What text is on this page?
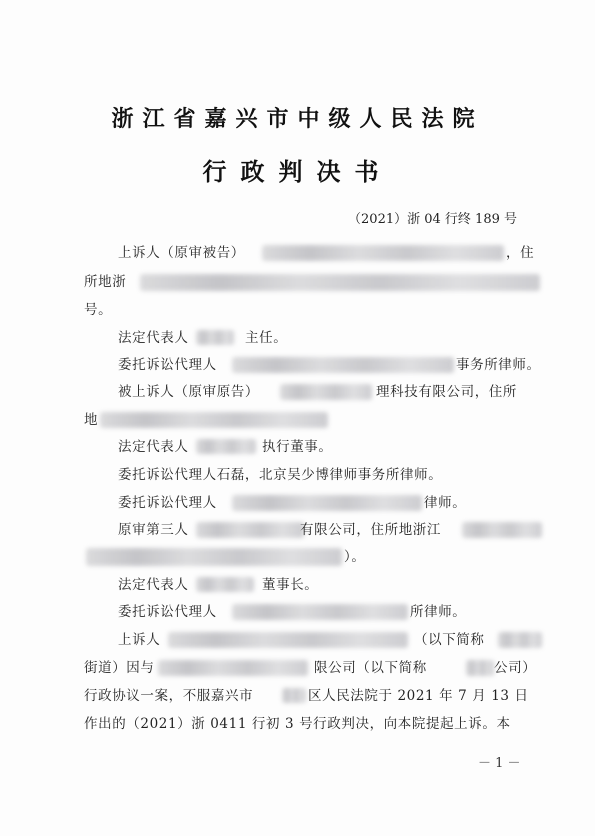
浙江省嘉兴市中级人民法院
行政判决书
（2021）浙 04 行终 189 号
上诉人（原审被告）	，住
所地浙
号。
法定代表人	主任。
委托诉讼代理人	事务所律师。
被上诉人（原审原告）	理科技有限公司，住所
地
法定代表人	执行董事。
委托诉讼代理人石磊，北京吴少博律师事务所律师。
委托诉讼代理人	律师。
原审第三人	有限公司，住所地浙江
）。
法定代表人	董事长。
委托诉讼代理人	所律师。
上诉人	（以下简称
街道）因与	限公司（以下简称	公司）
行政协议一案，不服嘉兴市	区人民法院于 2021 年 7 月 13 日
作出的（2021）浙 0411 行初 3 号行政判决，向本院提起上诉。本
－ 1 －
